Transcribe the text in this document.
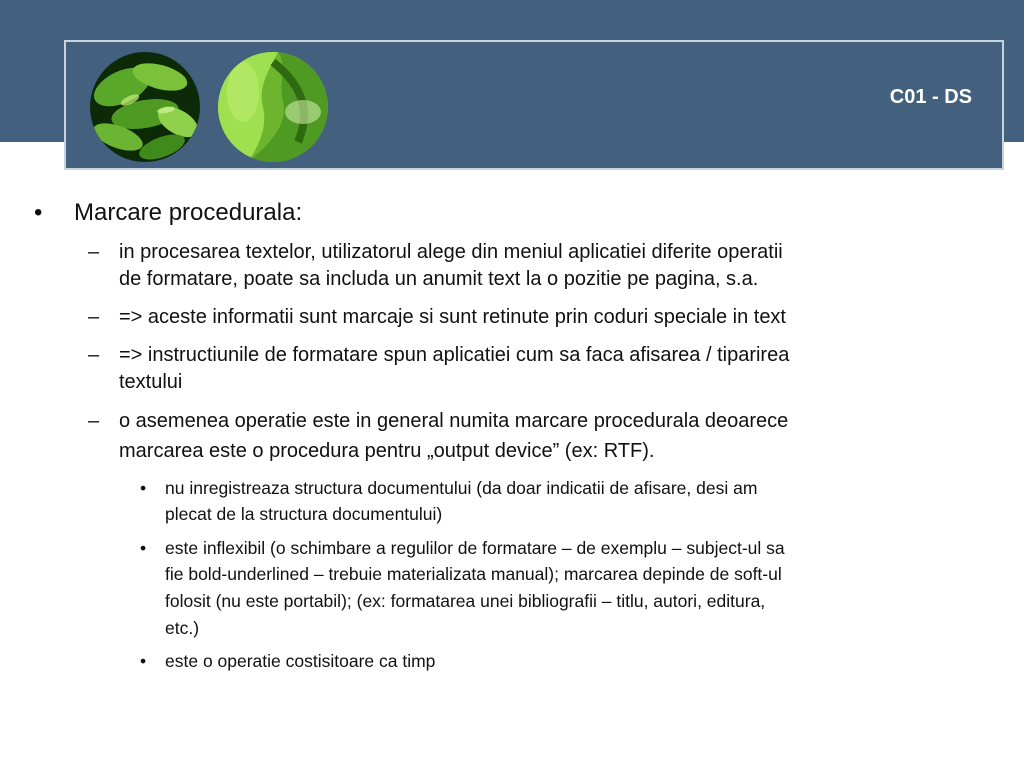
C01 - DS
• Marcare procedurala:

– in procesarea textelor, utilizatorul alege din meniul aplicatiei diferite operatii

de formatare, poate sa includa un anumit text la o pozitie pe pagina, s.a.

– => aceste informatii sunt marcaje si sunt retinute prin coduri speciale in text

– => instructiunile de formatare spun aplicatiei cum sa faca afisarea / tiparirea

textului

– o asemenea operatie este in general numita marcare procedurala deoarece

marcarea este o procedura pentru „output device” (ex: RTF).

• nu inregistreaza structura documentului (da doar indicatii de afisare, desi am

plecat de la structura documentului)

• este inflexibil (o schimbare a regulilor de formatare – de exemplu – subject-ul sa

fie bold-underlined – trebuie materializata manual); marcarea depinde de soft-ul

folosit (nu este portabil); (ex: formatarea unei bibliografii – titlu, autori, editura,

etc.)

• este o operatie costisitoare ca timp
